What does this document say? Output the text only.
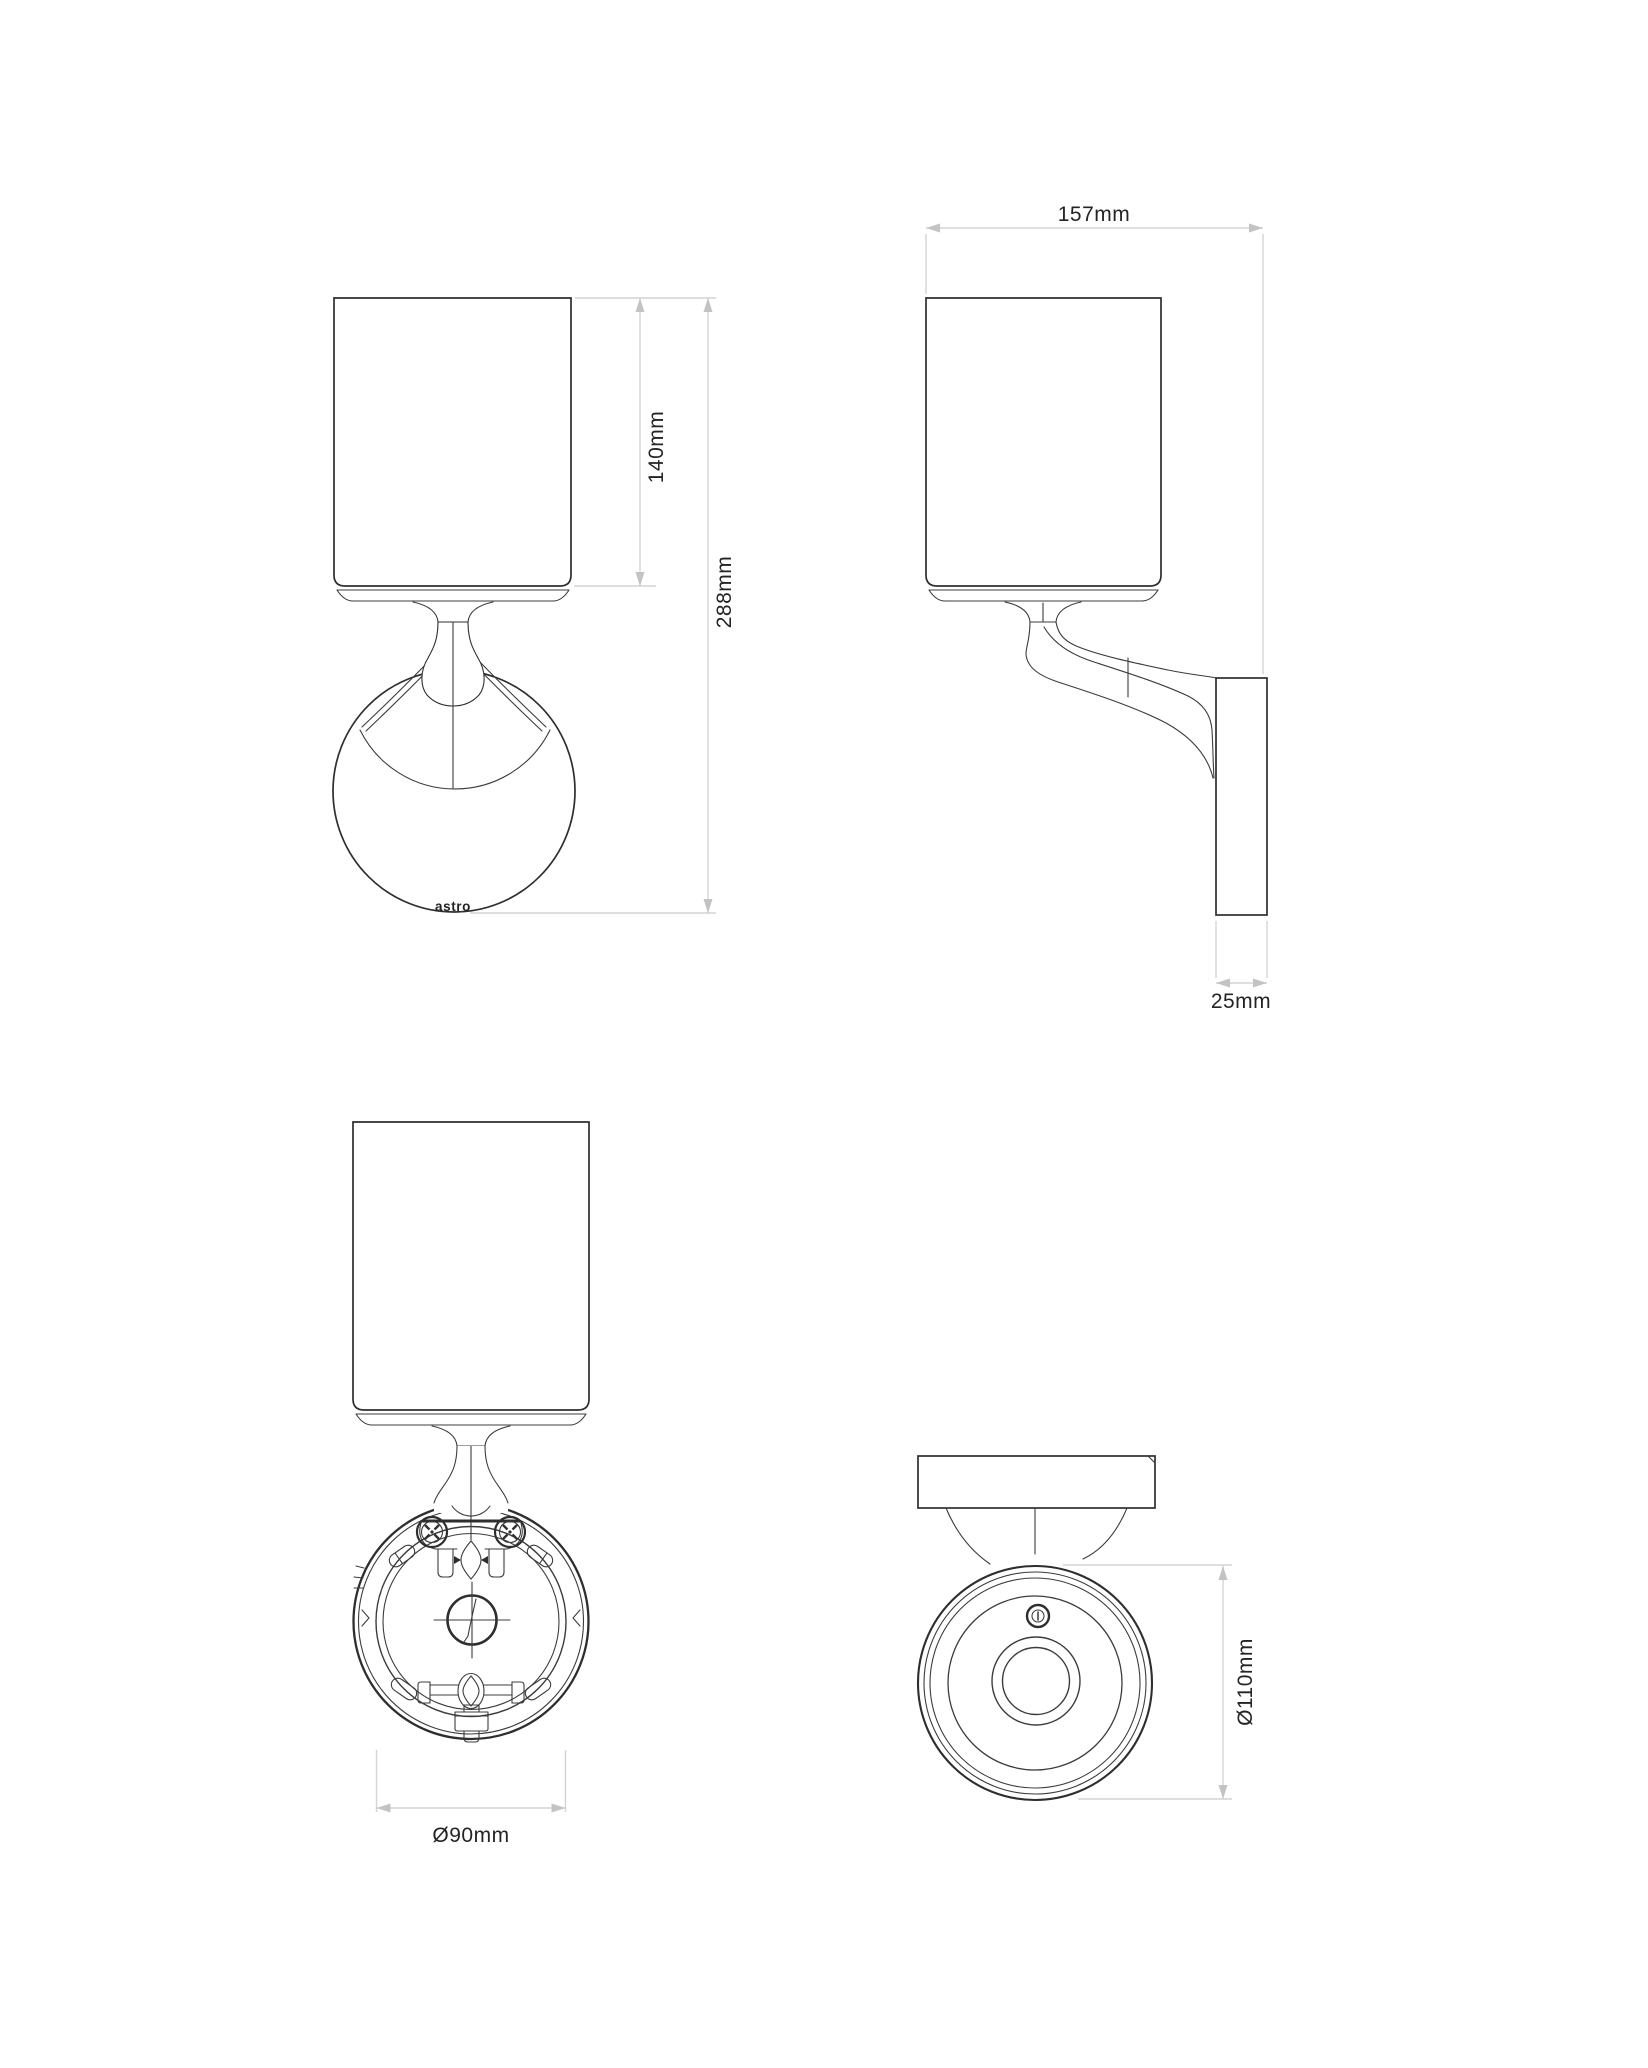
astro
140mm
288mm
157mm
25mm
Ø90mm
Ø110mm
